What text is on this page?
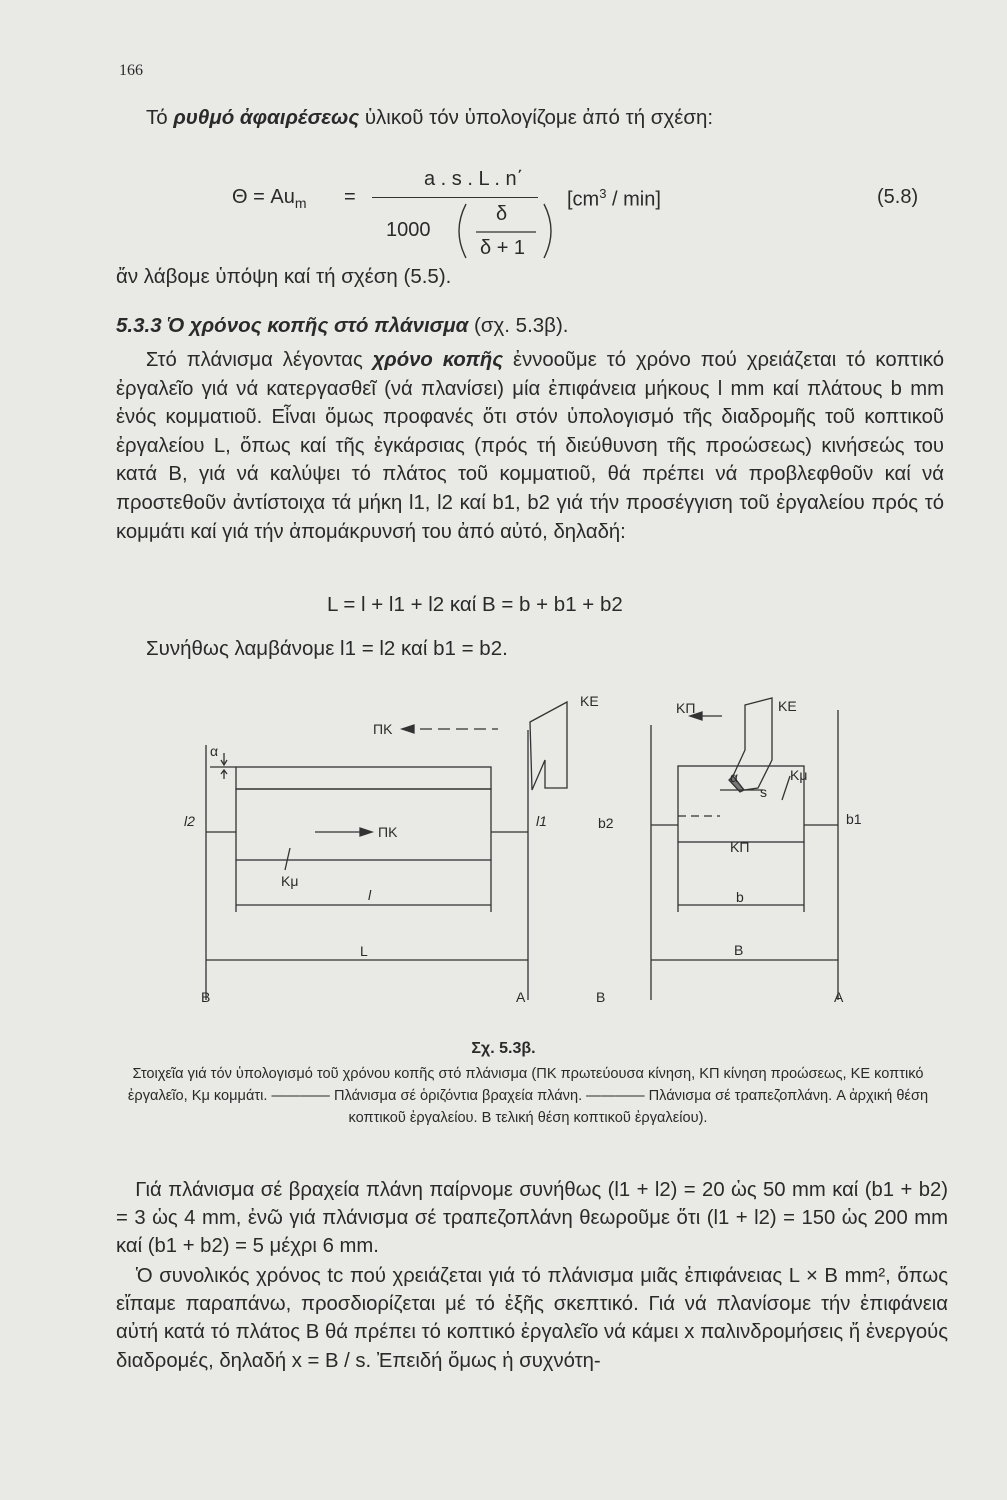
166
Τό ρυθμό ἀφαιρέσεως ὑλικοῦ τόν ὑπολογίζομε ἀπό τή σχέση:
$\Theta = Au_m$ =
a . s . L . n΄
1000
δ
δ + 1
$[cm^3 / \min]$	(5.8)
ἄν λάβομε ὑπόψη καί τή σχέση (5.5).
5.3.3 Ὁ χρόνος κοπῆς στό πλάνισμα (σχ. 5.3β).
Στό πλάνισμα λέγοντας χρόνο κοπῆς ἐννοοῦμε τό χρόνο πού χρειάζεται τό κοπτικό ἐργαλεῖο γιά νά κατεργασθεῖ (νά πλανίσει) μία ἐπιφάνεια μήκους l mm καί πλάτους b mm ἑνός κομματιοῦ. Εἶναι ὅμως προφανές ὅτι στόν ὑπολογισμό τῆς διαδρομῆς τοῦ κοπτικοῦ ἐργαλείου L, ὅπως καί τῆς ἐγκάρσιας (πρός τή διεύθυνση τῆς προώσεως) κινήσεώς του κατά B, γιά νά καλύψει τό πλάτος τοῦ κομματιοῦ, θά πρέπει νά προβλεφθοῦν καί νά προστεθοῦν ἀντίστοιχα τά μήκη l1, l2 καί b1, b2 γιά τήν προσέγγιση τοῦ ἐργαλείου πρός τό κομμάτι καί γιά τήν ἀπομάκρυνσή του ἀπό αὐτό, δηλαδή:
L = l + l1 + l2 καί B = b + b1 + b2
Συνήθως λαμβάνομε l1 = l2 καί b1 = b2.
ΚΕ
ΠΚ
α
l2	l1
ΠΚ
Kμ
l
L
B	A
ΚΠ	ΚΕ
α	Kμ
s
b2	b1
ΚΠ
b
B
B	A
Σχ. 5.3β.
Στοιχεῖα γιά τόν ὑπολογισμό τοῦ χρόνου κοπῆς στό πλάνισμα (ΠΚ πρωτεύουσα κίνηση, ΚΠ κίνηση προώσεως, ΚΕ κοπτικό ἐργαλεῖο, Kμ κομμάτι. ———— Πλάνισμα σέ ὁριζόντια βραχεία πλάνη. ———— Πλάνισμα σέ τραπεζοπλάνη. A ἀρχική θέση κοπτικοῦ ἐργαλείου. B τελική θέση κοπτικοῦ ἐργαλείου).
Γιά πλάνισμα σέ βραχεία πλάνη παίρνομε συνήθως (l1 + l2) = 20 ὡς 50 mm καί (b1 + b2) = 3 ὡς 4 mm, ἐνῶ γιά πλάνισμα σέ τραπεζοπλάνη θεωροῦμε ὅτι (l1 + l2) = 150 ὡς 200 mm καί (b1 + b2) = 5 μέχρι 6 mm.
Ὁ συνολικός χρόνος tc πού χρειάζεται γιά τό πλάνισμα μιᾶς ἐπιφάνειας L × B mm², ὅπως εἴπαμε παραπάνω, προσδιορίζεται μέ τό ἑξῆς σκεπτικό. Γιά νά πλανίσομε τήν ἐπιφάνεια αὐτή κατά τό πλάτος B θά πρέπει τό κοπτικό ἐργαλεῖο νά κάμει x παλινδρομήσεις ἤ ἐνεργούς διαδρομές, δηλαδή x = B / s. Ἐπειδή ὅμως ἡ συχνότη-
